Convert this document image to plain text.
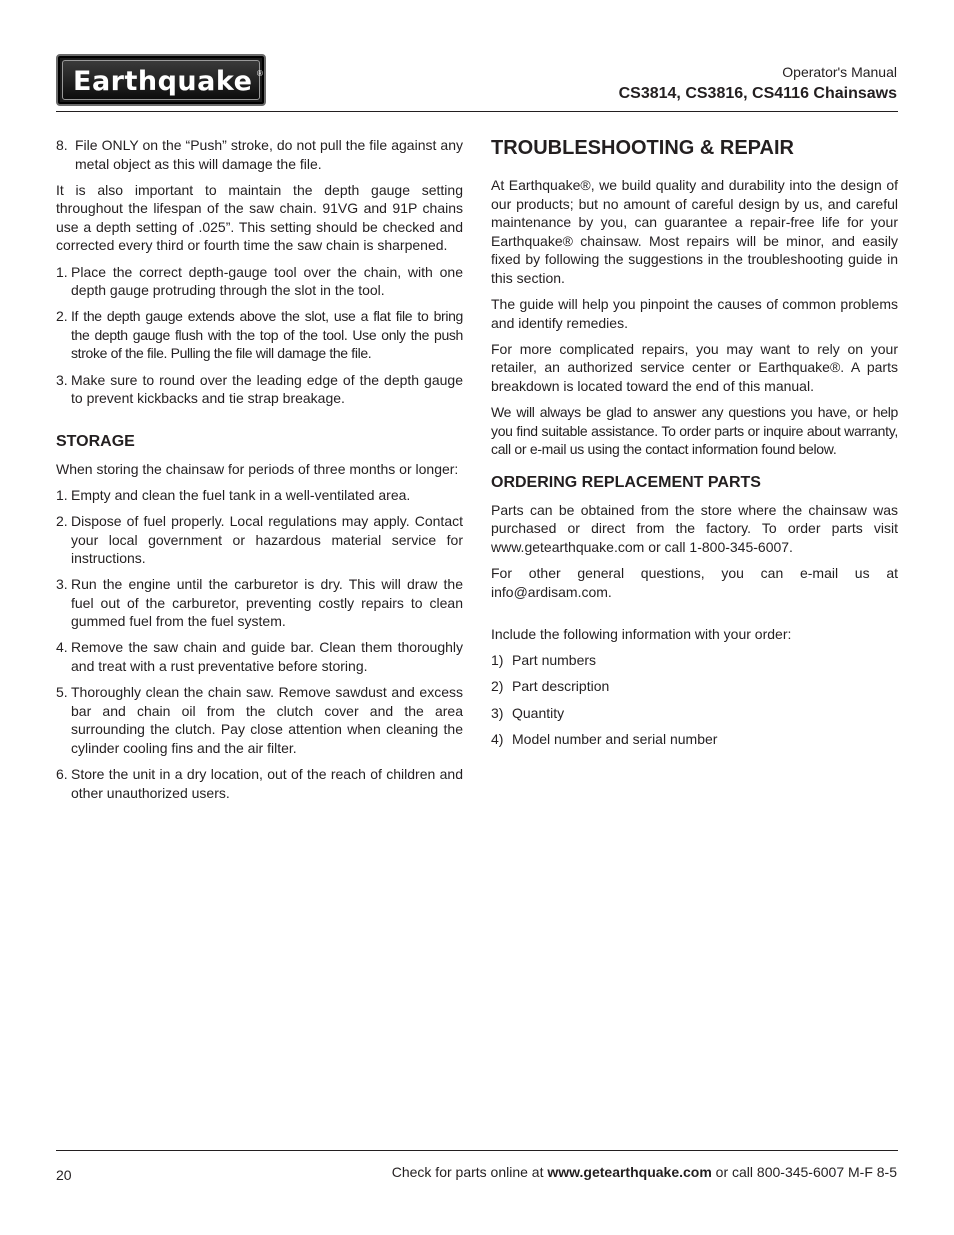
Earthquake ®	Operator's Manual
CS3814, CS3816, CS4116 Chainsaws
8. File ONLY on the “Push” stroke, do not pull the file against any metal object as this will damage the file.

It is also important to maintain the depth gauge setting throughout the lifespan of the saw chain. 91VG and 91P chains use a depth setting of .025”. This setting should be checked and corrected every third or fourth time the saw chain is sharpened.

1. Place the correct depth-gauge tool over the chain, with one depth gauge protruding through the slot in the tool.
2. If the depth gauge extends above the slot, use a flat file to bring the depth gauge flush with the top of the tool. Use only the push stroke of the file. Pulling the file will damage the file.
3. Make sure to round over the leading edge of the depth gauge to prevent kickbacks and tie strap breakage.
STORAGE

When storing the chainsaw for periods of three months or longer:

1. Empty and clean the fuel tank in a well-ventilated area.
2. Dispose of fuel properly. Local regulations may apply. Contact your local government or hazardous material service for instructions.
3. Run the engine until the carburetor is dry. This will draw the fuel out of the carburetor, preventing costly repairs to clean gummed fuel from the fuel system.
4. Remove the saw chain and guide bar. Clean them thoroughly and treat with a rust preventative before storing.
5. Thoroughly clean the chain saw. Remove sawdust and excess bar and chain oil from the clutch cover and the area surrounding the clutch. Pay close attention when cleaning the cylinder cooling fins and the air filter.
6. Store the unit in a dry location, out of the reach of children and other unauthorized users.
TROUBLESHOOTING & REPAIR

At Earthquake®, we build quality and durability into the design of our products; but no amount of careful design by us, and careful maintenance by you, can guarantee a repair-free life for your Earthquake® chainsaw. Most repairs will be minor, and easily fixed by following the suggestions in the troubleshooting guide in this section.

The guide will help you pinpoint the causes of common problems and identify remedies.

For more complicated repairs, you may want to rely on your retailer, an authorized service center or Earthquake®. A parts breakdown is located toward the end of this manual.

We will always be glad to answer any questions you have, or help you find suitable assistance. To order parts or inquire about warranty, call or e-mail us using the contact information found below.

ORDERING REPLACEMENT PARTS

Parts can be obtained from the store where the chainsaw was purchased or direct from the factory. To order parts visit www.getearthquake.com or call 1-800-345-6007.

For other general questions, you can e-mail us at info@ardisam.com.

Include the following information with your order:

1) Part numbers
2) Part description
3) Quantity
4) Model number and serial number
20	Check for parts online at www.getearthquake.com or call 800-345-6007 M-F 8-5
